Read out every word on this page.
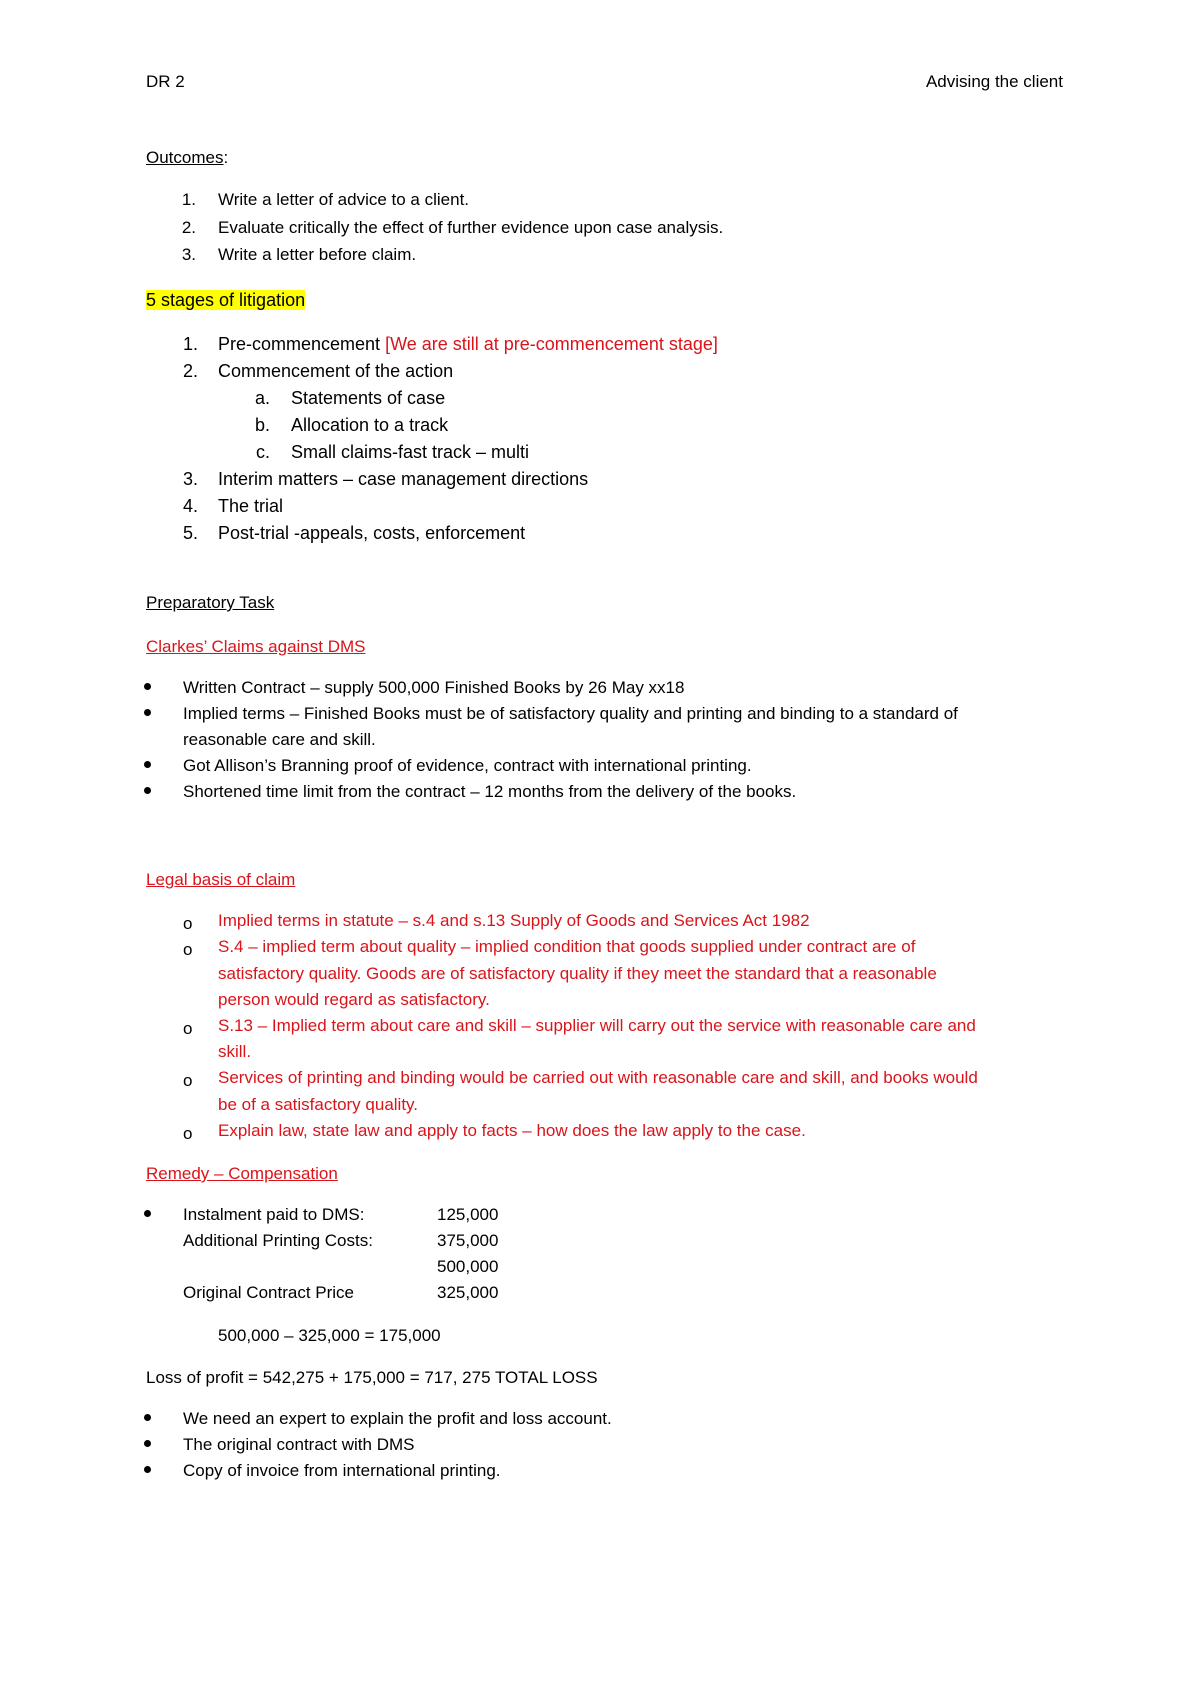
DR 2	Advising the client
Outcomes:
1. Write a letter of advice to a client.
2. Evaluate critically the effect of further evidence upon case analysis.
3. Write a letter before claim.
5 stages of litigation
1. Pre-commencement [We are still at pre-commencement stage]
2. Commencement of the action
a. Statements of case
b. Allocation to a track
c. Small claims-fast track – multi
3. Interim matters – case management directions
4. The trial
5. Post-trial -appeals, costs, enforcement
Preparatory Task
Clarkes’ Claims against DMS
Written Contract – supply 500,000 Finished Books by 26 May xx18
Implied terms – Finished Books must be of satisfactory quality and printing and binding to a standard of
reasonable care and skill.
Got Allison’s Branning proof of evidence, contract with international printing.
Shortened time limit from the contract – 12 months from the delivery of the books.
Legal basis of claim
o Implied terms in statute – s.4 and s.13 Supply of Goods and Services Act 1982
o S.4 – implied term about quality – implied condition that goods supplied under contract are of
satisfactory quality. Goods are of satisfactory quality if they meet the standard that a reasonable
person would regard as satisfactory.
o S.13 – Implied term about care and skill – supplier will carry out the service with reasonable care and
skill.
o Services of printing and binding would be carried out with reasonable care and skill, and books would
be of a satisfactory quality.
o Explain law, state law and apply to facts – how does the law apply to the case.
Remedy – Compensation
Instalment paid to DMS:	125,000
Additional Printing Costs:	375,000
500,000
Original Contract Price	325,000
500,000 – 325,000 = 175,000
Loss of profit = 542,275 + 175,000 = 717, 275 TOTAL LOSS
We need an expert to explain the profit and loss account.
The original contract with DMS
Copy of invoice from international printing.
